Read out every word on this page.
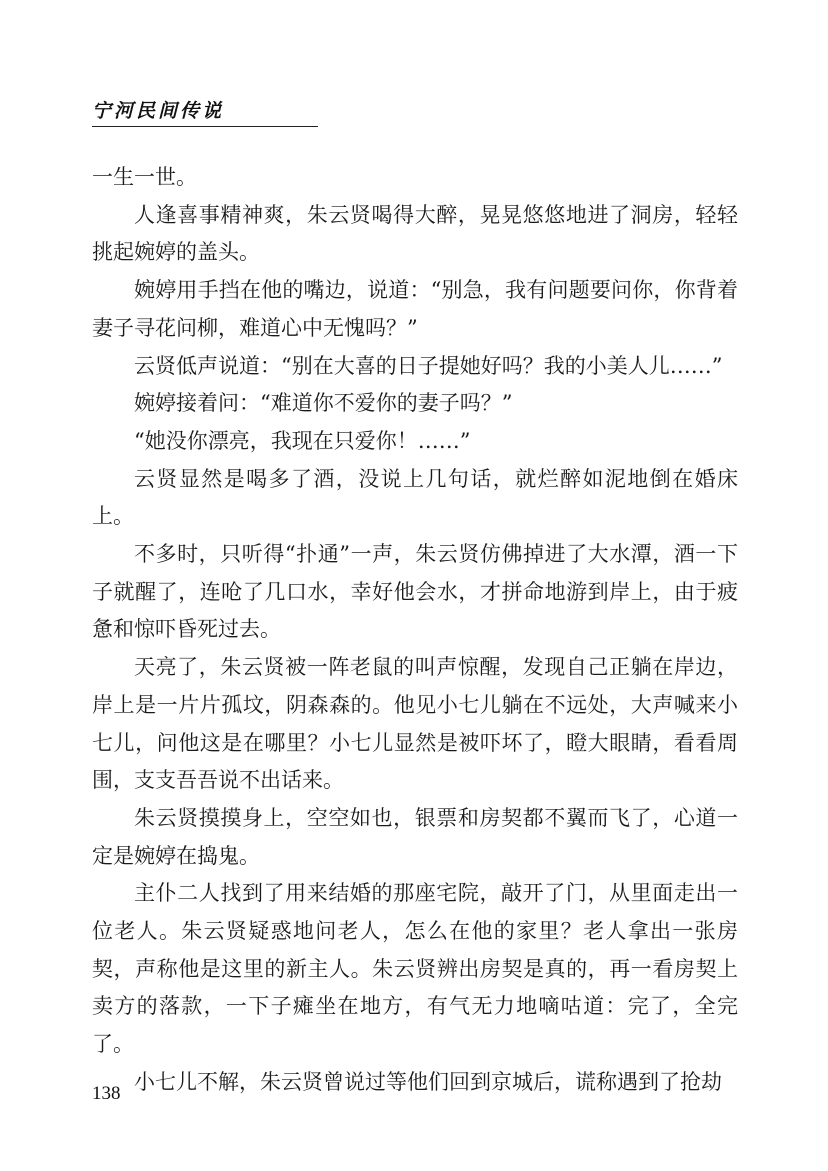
宁河民间传说

一生一世。

人逢喜事精神爽，朱云贤喝得大醉，晃晃悠悠地进了洞房，轻轻挑起婉婷的盖头。

婉婷用手挡在他的嘴边，说道：“别急，我有问题要问你，你背着妻子寻花问柳，难道心中无愧吗？”

云贤低声说道：“别在大喜的日子提她好吗？我的小美人儿……”

婉婷接着问：“难道你不爱你的妻子吗？”

“她没你漂亮，我现在只爱你！……”

云贤显然是喝多了酒，没说上几句话，就烂醉如泥地倒在婚床上。

不多时，只听得“扑通”一声，朱云贤仿佛掉进了大水潭，酒一下子就醒了，连呛了几口水，幸好他会水，才拼命地游到岸上，由于疲惫和惊吓昏死过去。

天亮了，朱云贤被一阵老鼠的叫声惊醒，发现自己正躺在岸边，岸上是一片片孤坟，阴森森的。他见小七儿躺在不远处，大声喊来小七儿，问他这是在哪里？小七儿显然是被吓坏了，瞪大眼睛，看看周围，支支吾吾说不出话来。

朱云贤摸摸身上，空空如也，银票和房契都不翼而飞了，心道一定是婉婷在捣鬼。

主仆二人找到了用来结婚的那座宅院，敲开了门，从里面走出一位老人。朱云贤疑惑地问老人，怎么在他的家里？老人拿出一张房契，声称他是这里的新主人。朱云贤辨出房契是真的，再一看房契上卖方的落款，一下子瘫坐在地方，有气无力地嘀咕道：完了，全完了。

小七儿不解，朱云贤曾说过等他们回到京城后，谎称遇到了抢劫

138
